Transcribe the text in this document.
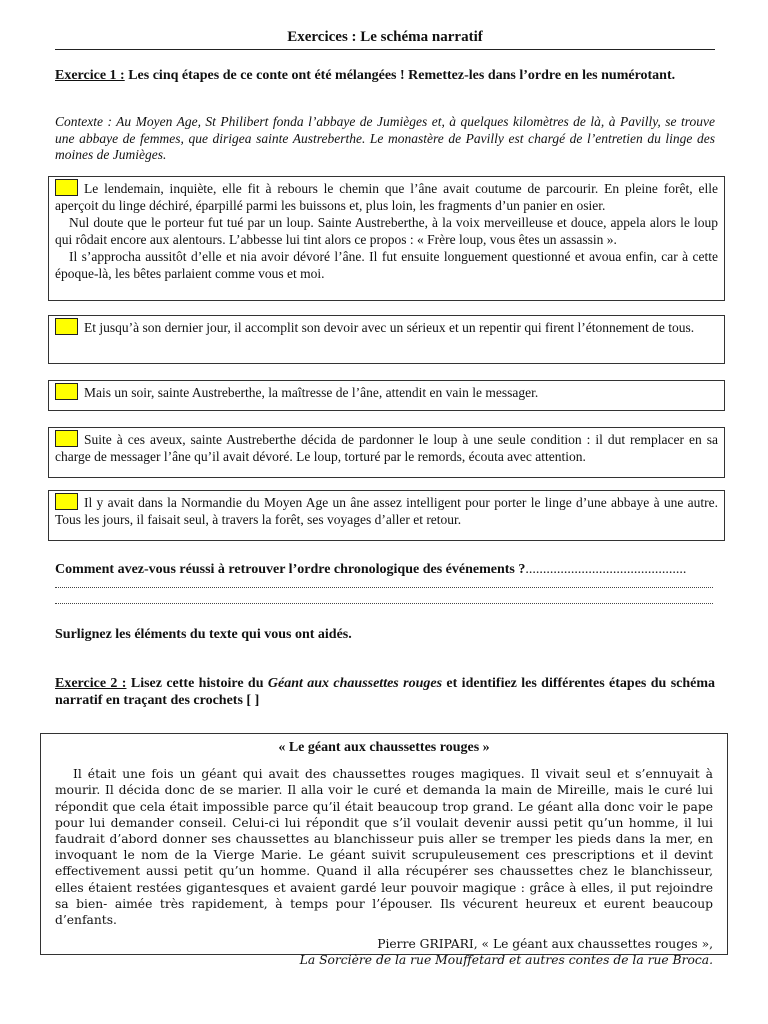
Exercices : Le schéma narratif
Exercice 1 : Les cinq étapes de ce conte ont été mélangées ! Remettez-les dans l’ordre en les numérotant.
Contexte : Au Moyen Age, St Philibert fonda l’abbaye de Jumièges et, à quelques kilomètres de là, à Pavilly, se trouve une abbaye de femmes, que dirigea sainte Austreberthe. Le monastère de Pavilly est chargé de l’entretien du linge des moines de Jumièges.

Le lendemain, inquiète, elle fit à rebours le chemin que l’âne avait coutume de parcourir. En pleine forêt, elle aperçoit du linge déchiré, éparpillé parmi les buissons et, plus loin, les fragments d’un panier en osier.

Nul doute que le porteur fut tué par un loup. Sainte Austreberthe, à la voix merveilleuse et douce, appela alors le loup qui rôdait encore aux alentours. L’abbesse lui tint alors ce propos : « Frère loup, vous êtes un assassin ».

Il s’approcha aussitôt d’elle et nia avoir dévoré l’âne. Il fut ensuite longuement questionné et avoua enfin, car à cette époque-là, les bêtes parlaient comme vous et moi.

Et jusqu’à son dernier jour, il accomplit son devoir avec un sérieux et un repentir qui firent l’étonnement de tous.

Mais un soir, sainte Austreberthe, la maîtresse de l’âne, attendit en vain le messager.

Suite à ces aveux, sainte Austreberthe décida de pardonner le loup à une seule condition : il dut remplacer en sa charge de messager l’âne qu’il avait dévoré. Le loup, torturé par le remords, écouta avec attention.

Il y avait dans la Normandie du Moyen Age un âne assez intelligent pour porter le linge d’une abbaye à une autre. Tous les jours, il faisait seul, à travers la forêt, ses voyages d’aller et retour.

Comment avez-vous réussi à retrouver l’ordre chronologique des événements ?..............................................
Surlignez les éléments du texte qui vous ont aidés.
Exercice 2 : Lisez cette histoire du Géant aux chaussettes rouges et identifiez les différentes étapes du schéma narratif en traçant des crochets [ ]
« Le géant aux chaussettes rouges »

Il était une fois un géant qui avait des chaussettes rouges magiques. Il vivait seul et s’ennuyait à mourir. Il décida donc de se marier. Il alla voir le curé et demanda la main de Mireille, mais le curé lui répondit que cela était impossible parce qu’il était beaucoup trop grand. Le géant alla donc voir le pape pour lui demander conseil. Celui-ci lui répondit que s’il voulait devenir aussi petit qu’un homme, il lui faudrait d’abord donner ses chaussettes au blanchisseur puis aller se tremper les pieds dans la mer, en invoquant le nom de la Vierge Marie. Le géant suivit scrupuleusement ces prescriptions et il devint effectivement aussi petit qu’un homme. Quand il alla récupérer ses chaussettes chez le blanchisseur, elles étaient restées gigantesques et avaient gardé leur pouvoir magique : grâce à elles, il put rejoindre sa bien- aimée très rapidement, à temps pour l’épouser. Ils vécurent heureux et eurent beaucoup d’enfants.

Pierre GRIPARI, « Le géant aux chaussettes rouges »,
La Sorcière de la rue Mouffetard et autres contes de la rue Broca.
